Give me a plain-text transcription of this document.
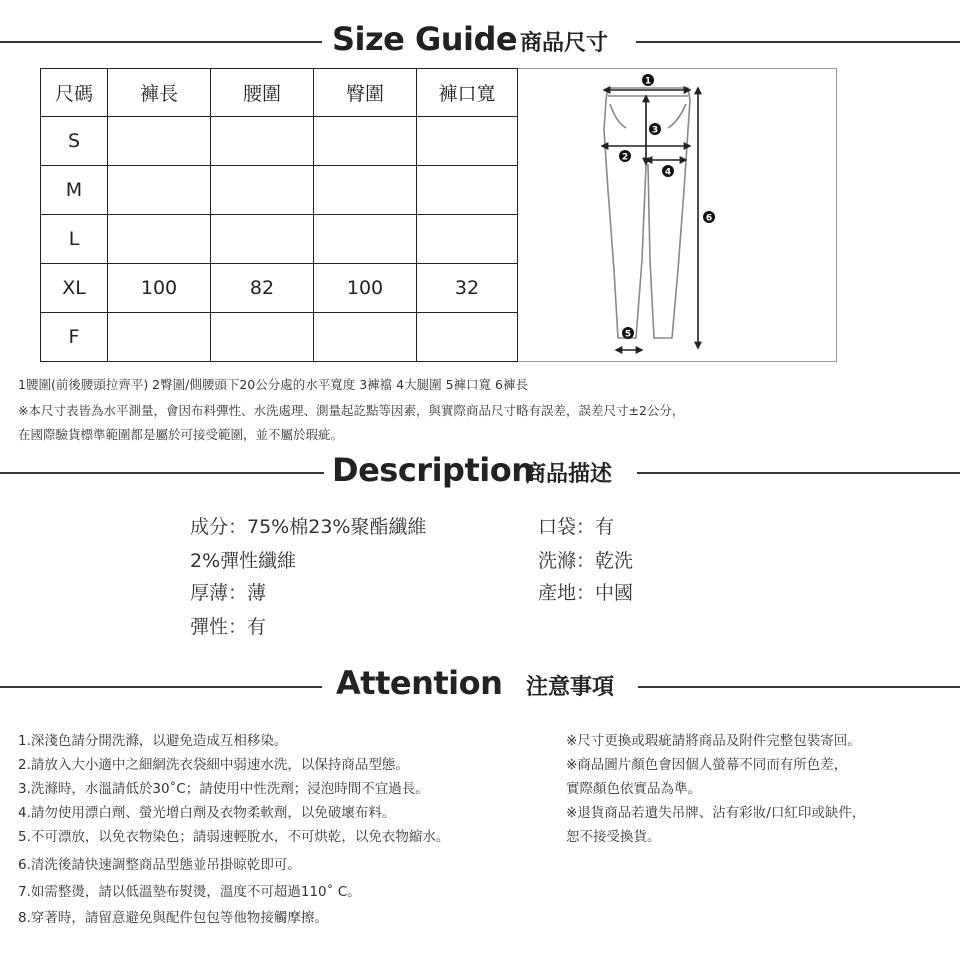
Size Guide 商品尺寸
尺碼	褲長	腰圍	臀圍	褲口寬
S				
M				
L				
XL	100	82	100	32
F				
1
3
2
4
6
5
1腰圍(前後腰頭拉齊平) 2臀圍/側腰頭下20公分處的水平寬度 3褲襠 4大腿圍 5褲口寬 6褲長
※本尺寸表皆為水平測量，會因布料彈性、水洗處理、測量起訖點等因素，與實際商品尺寸略有誤差，誤差尺寸±2公分，
在國際驗貨標準範圍都是屬於可接受範圍，並不屬於瑕疵。
Description
商品描述
成分：75%棉23%聚酯纖維
2%彈性纖維
厚薄：薄
彈性：有
口袋：有
洗滌：乾洗
產地：中國
Attention 注意事項
1.深淺色請分開洗滌，以避免造成互相移染。
2.請放入大小適中之細網洗衣袋細中弱速水洗，以保持商品型態。
3.洗滌時，水溫請低於30˚C；請使用中性洗劑；浸泡時間不宜過長。
4.請勿使用漂白劑、螢光增白劑及衣物柔軟劑，以免破壞布料。
5.不可漂放，以免衣物染色；請弱速輕脫水，不可烘乾，以免衣物縮水。
6.清洗後請快速調整商品型態並吊掛晾乾即可。
7.如需整燙，請以低溫墊布熨燙，溫度不可超過110˚ C。
8.穿著時，請留意避免與配件包包等他物接觸摩擦。
※尺寸更換或瑕疵請將商品及附件完整包裝寄回。
※商品圖片顏色會因個人螢幕不同而有所色差，
實際顏色依實品為準。
※退貨商品若遺失吊牌、沾有彩妝/口紅印或缺件，
恕不接受換貨。
